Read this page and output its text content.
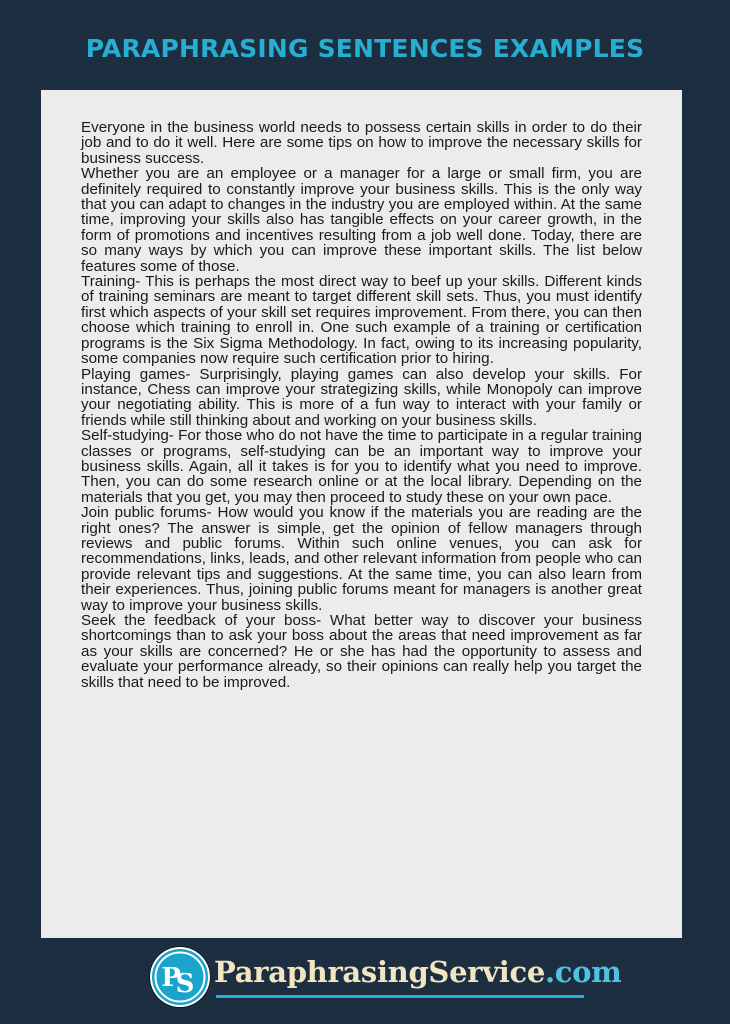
PARAPHRASING SENTENCES EXAMPLES

Everyone in the business world needs to possess certain skills in order to do their job and to do it well. Here are some tips on how to improve the necessary skills for business success.

Whether you are an employee or a manager for a large or small firm, you are definitely required to constantly improve your business skills. This is the only way that you can adapt to changes in the industry you are employed within. At the same time, improving your skills also has tangible effects on your career growth, in the form of promotions and incentives resulting from a job well done. Today, there are so many ways by which you can improve these important skills. The list below features some of those.

Training- This is perhaps the most direct way to beef up your skills. Different kinds of training seminars are meant to target different skill sets. Thus, you must identify first which aspects of your skill set requires improvement. From there, you can then choose which training to enroll in. One such example of a training or certification programs is the Six Sigma Methodology. In fact, owing to its increasing popularity, some companies now require such certification prior to hiring.

Playing games- Surprisingly, playing games can also develop your skills. For instance, Chess can improve your strategizing skills, while Monopoly can improve your negotiating ability. This is more of a fun way to interact with your family or friends while still thinking about and working on your business skills.

Self-studying- For those who do not have the time to participate in a regular training classes or programs, self-studying can be an important way to improve your business skills. Again, all it takes is for you to identify what you need to improve. Then, you can do some research online or at the local library. Depending on the materials that you get, you may then proceed to study these on your own pace.

Join public forums- How would you know if the materials you are reading are the right ones? The answer is simple, get the opinion of fellow managers through reviews and public forums. Within such online venues, you can ask for recommendations, links, leads, and other relevant information from people who can provide relevant tips and suggestions. At the same time, you can also learn from their experiences. Thus, joining public forums meant for managers is another great way to improve your business skills.

Seek the feedback of your boss- What better way to discover your business shortcomings than to ask your boss about the areas that need improvement as far as your skills are concerned? He or she has had the opportunity to assess and evaluate your performance already, so their opinions can really help you target the skills that need to be improved.

P
S ParaphrasingService.com
